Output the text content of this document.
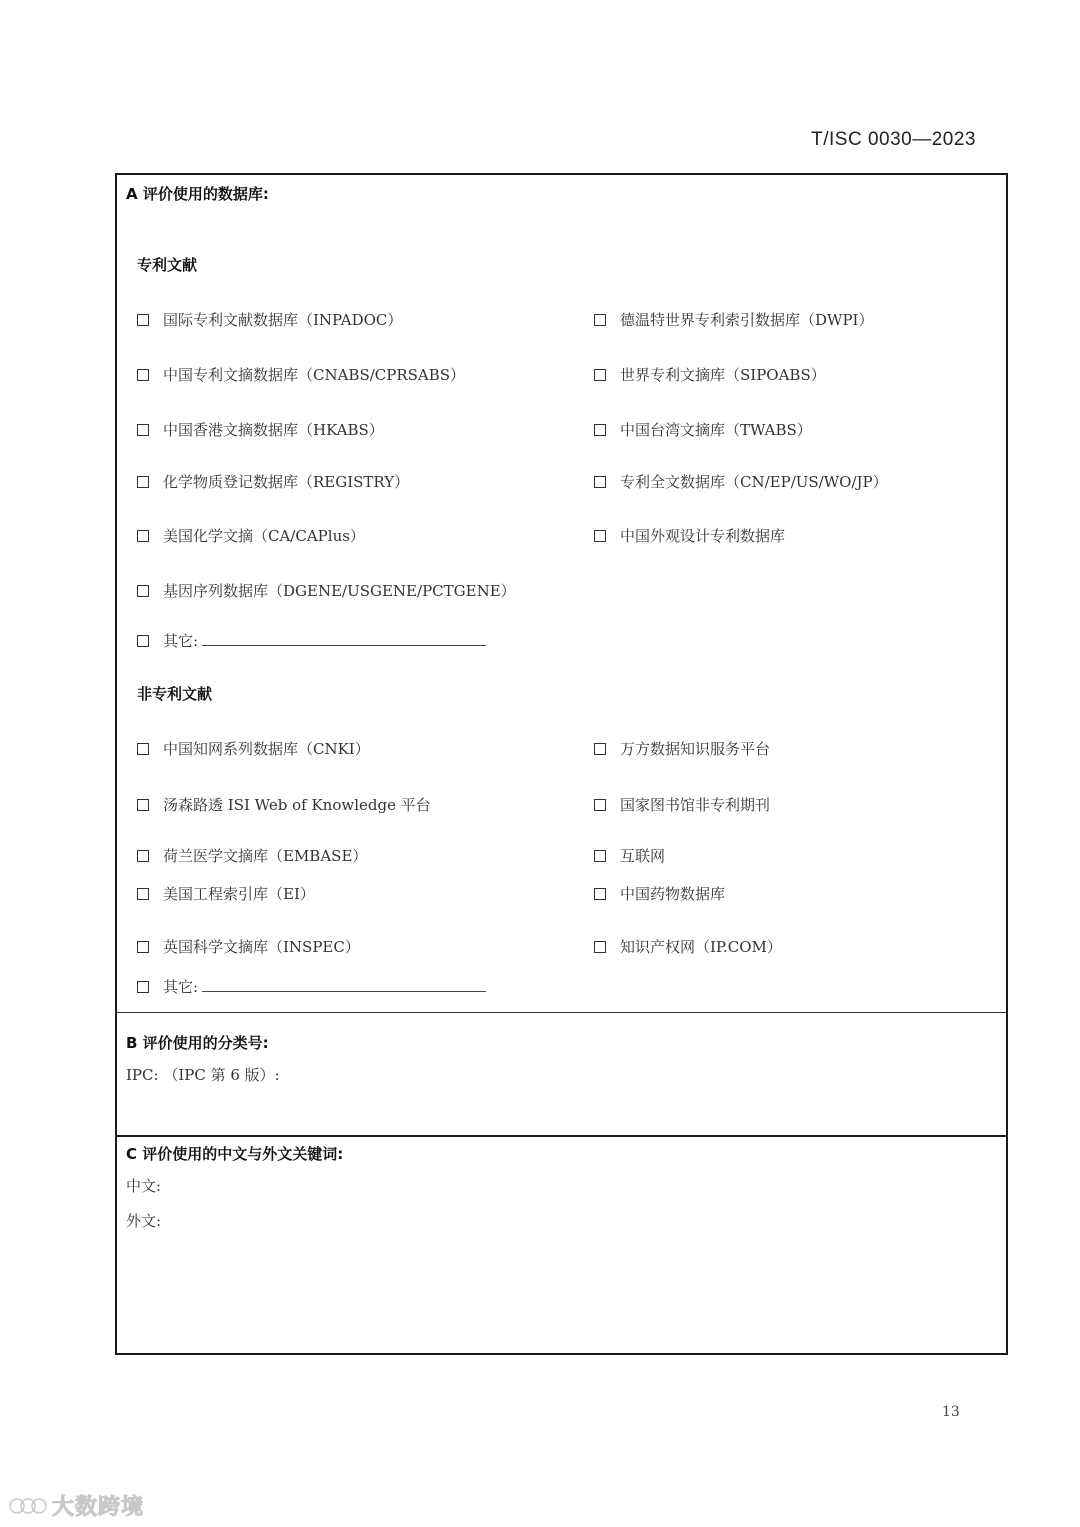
T/ISC 0030—2023
A 评价使用的数据库:
专利文献
国际专利文献数据库（INPADOC）	德温特世界专利索引数据库（DWPI）
中国专利文摘数据库（CNABS/CPRSABS）	世界专利文摘库（SIPOABS）
中国香港文摘数据库（HKABS）	中国台湾文摘库（TWABS）
化学物质登记数据库（REGISTRY）	专利全文数据库（CN/EP/US/WO/JP）
美国化学文摘（CA/CAPlus）	中国外观设计专利数据库
基因序列数据库（DGENE/USGENE/PCTGENE）
其它:
非专利文献
中国知网系列数据库（CNKI）	万方数据知识服务平台
汤森路透 ISI Web of Knowledge 平台	国家图书馆非专利期刊
荷兰医学文摘库（EMBASE）	互联网
美国工程索引库（EI）	中国药物数据库
英国科学文摘库（INSPEC）	知识产权网（IP.COM）
其它:
B 评价使用的分类号:
IPC: （IPC 第 6 版）:
C 评价使用的中文与外文关键词:
中文:
外文:
13
大数跨境
